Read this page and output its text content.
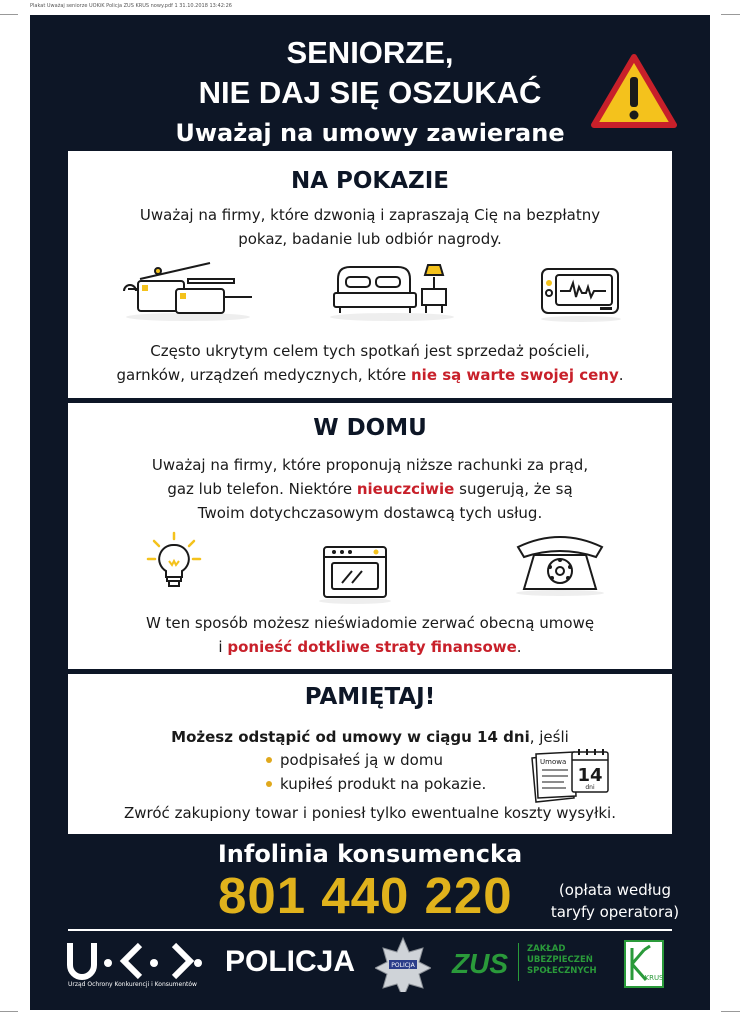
Plakat Uważaj seniorze UOKiK Policja ZUS KRUS nowy.pdf 1 31.10.2018 13:42:26
SENIORZE,
NIE DAJ SIĘ OSZUKAĆ
Uważaj na umowy zawierane
NA POKAZIE
Uważaj na firmy, które dzwonią i zapraszają Cię na bezpłatny
pokaz, badanie lub odbiór nagrody.
Często ukrytym celem tych spotkań jest sprzedaż pościeli,
garnków, urządzeń medycznych, które nie są warte swojej ceny.
W DOMU
Uważaj na firmy, które proponują niższe rachunki za prąd,
gaz lub telefon. Niektóre nieuczciwie sugerują, że są
Twoim dotychczasowym dostawcą tych usług.
W ten sposób możesz nieświadomie zerwać obecną umowę
i ponieść dotkliwe straty finansowe.
PAMIĘTAJ!
Możesz odstąpić od umowy w ciągu 14 dni, jeśli
podpisałeś ją w domu
kupiłeś produkt na pokazie.
Umowa
14
dni
Zwróć zakupiony towar i poniesł tylko ewentualne koszty wysyłki.
Infolinia konsumencka
801 440 220	(opłata według
taryfy operatora)
Urząd Ochrony Konkurencji i Konsumentów
POLICJA	POLICJA ZUS ZAKŁAD
UBEZPIECZEŃ
SPOŁECZNYCH
KRUS
